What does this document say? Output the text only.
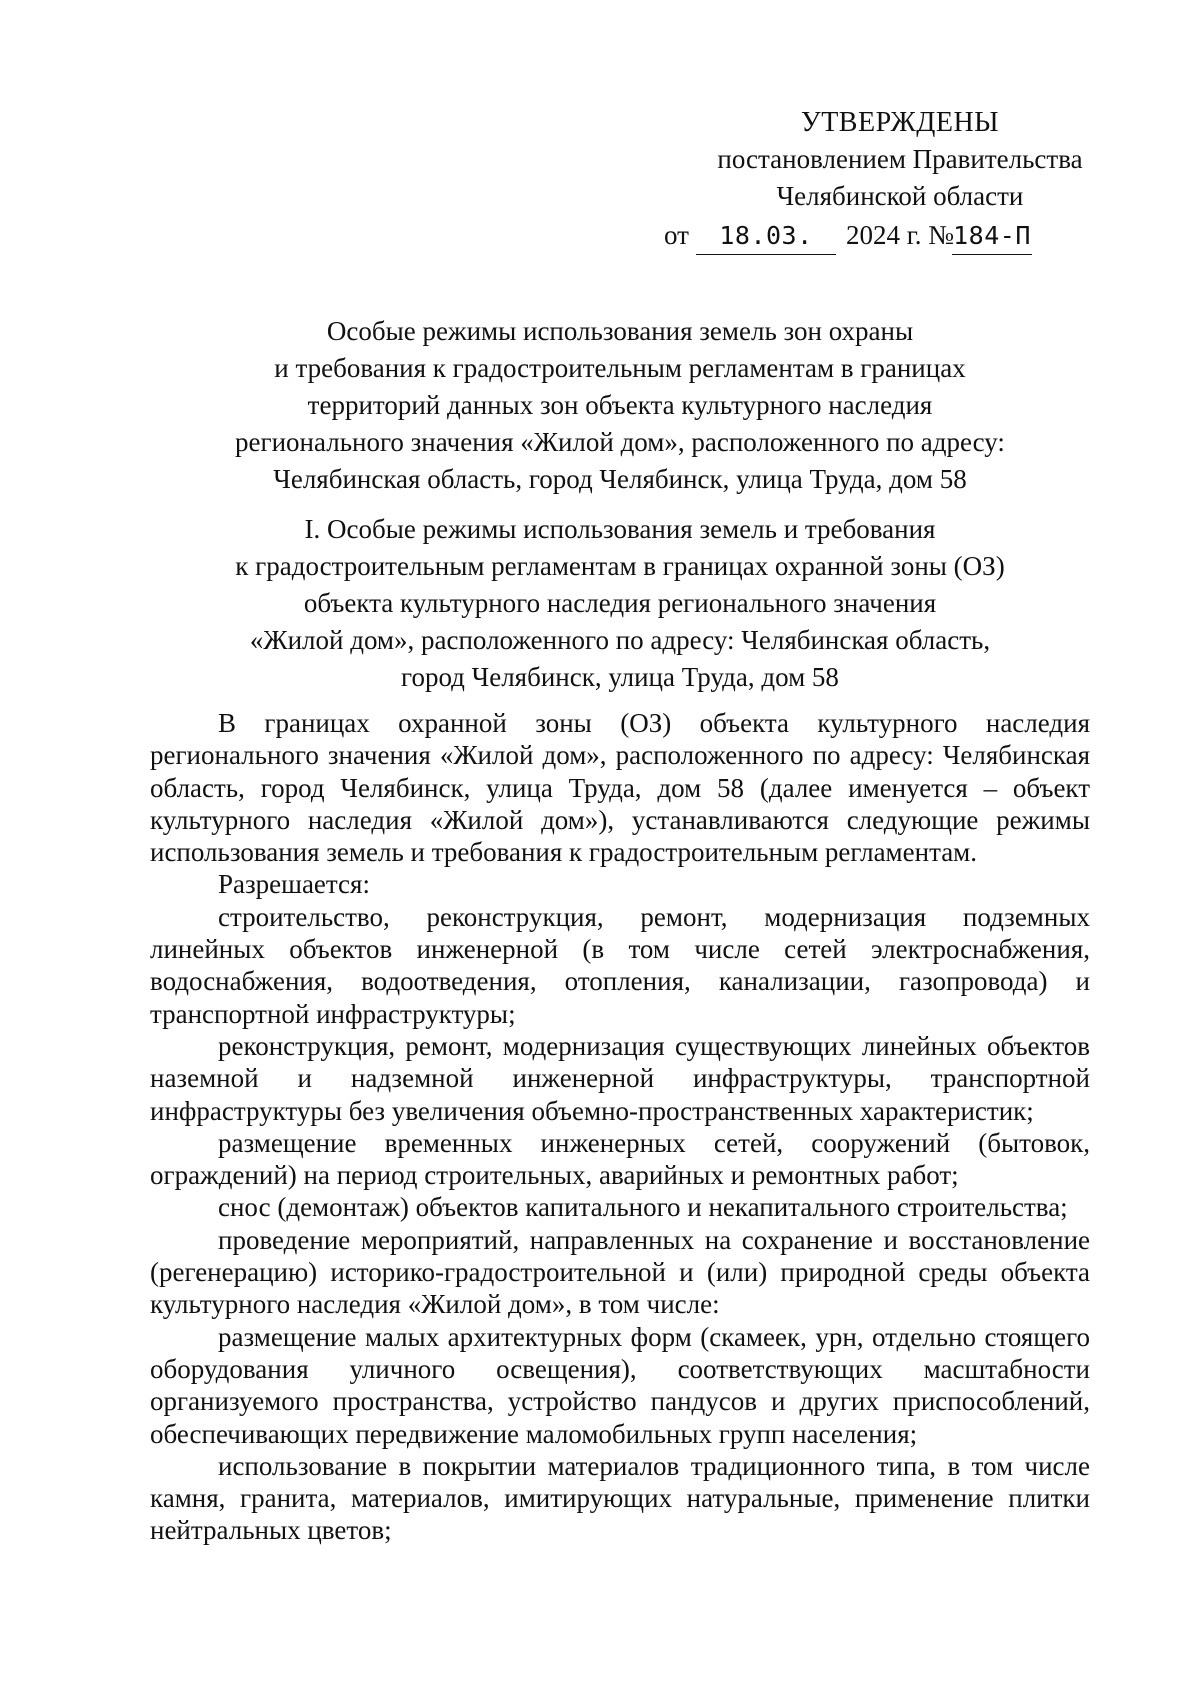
УТВЕРЖДЕНЫ
постановлением Правительства
Челябинской области
от	18.03.	2024 г. № 184-П
Особые режимы использования земель зон охраны
и требования к градостроительным регламентам в границах
территорий данных зон объекта культурного наследия
регионального значения «Жилой дом», расположенного по адресу:
Челябинская область, город Челябинск, улица Труда, дом 58
I. Особые режимы использования земель и требования
к градостроительным регламентам в границах охранной зоны (ОЗ)
объекта культурного наследия регионального значения
«Жилой дом», расположенного по адресу: Челябинская область,
город Челябинск, улица Труда, дом 58

В границах охранной зоны (ОЗ) объекта культурного наследия регионального значения «Жилой дом», расположенного по адресу: Челябинская область, город Челябинск, улица Труда, дом 58 (далее именуется – объект культурного наследия «Жилой дом»), устанавливаются следующие режимы использования земель и требования к градостроительным регламентам.

Разрешается:

строительство, реконструкция, ремонт, модернизация подземных линейных объектов инженерной (в том числе сетей электроснабжения, водоснабжения, водоотведения, отопления, канализации, газопровода) и транспортной инфраструктуры;

реконструкция, ремонт, модернизация существующих линейных объектов наземной и надземной инженерной инфраструктуры, транспортной инфраструктуры без увеличения объемно-пространственных характеристик;

размещение временных инженерных сетей, сооружений (бытовок, ограждений) на период строительных, аварийных и ремонтных работ;

снос (демонтаж) объектов капитального и некапитального строительства;

проведение мероприятий, направленных на сохранение и восстановление (регенерацию) историко-градостроительной и (или) природной среды объекта культурного наследия «Жилой дом», в том числе:

размещение малых архитектурных форм (скамеек, урн, отдельно стоящего оборудования уличного освещения), соответствующих масштабности организуемого пространства, устройство пандусов и других приспособлений, обеспечивающих передвижение маломобильных групп населения;

использование в покрытии материалов традиционного типа, в том числе камня, гранита, материалов, имитирующих натуральные, применение плитки нейтральных цветов;
